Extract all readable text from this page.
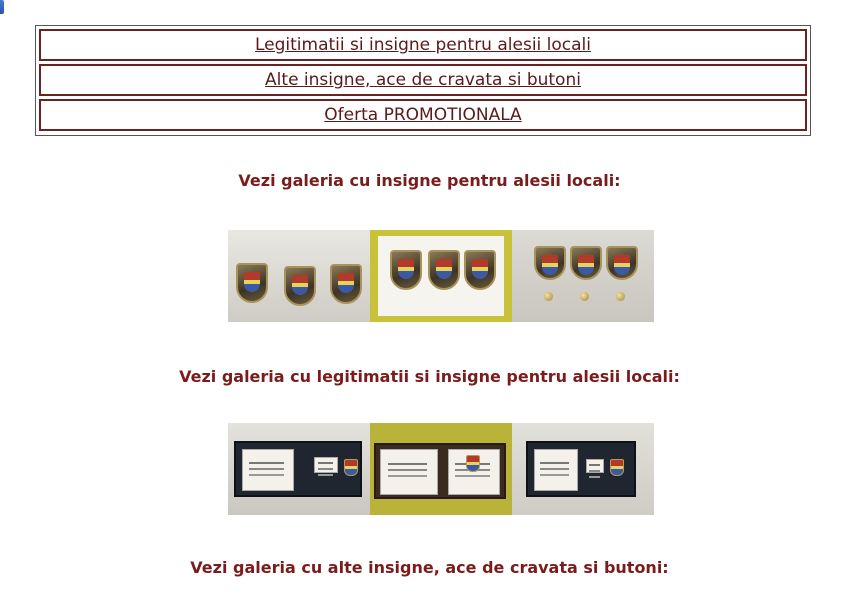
Legitimatii si insigne pentru alesii locali
Alte insigne, ace de cravata si butoni
Oferta PROMOTIONALA
Vezi galeria cu insigne pentru alesii locali:
Vezi galeria cu legitimatii si insigne pentru alesii locali:
Vezi galeria cu alte insigne, ace de cravata si butoni:
